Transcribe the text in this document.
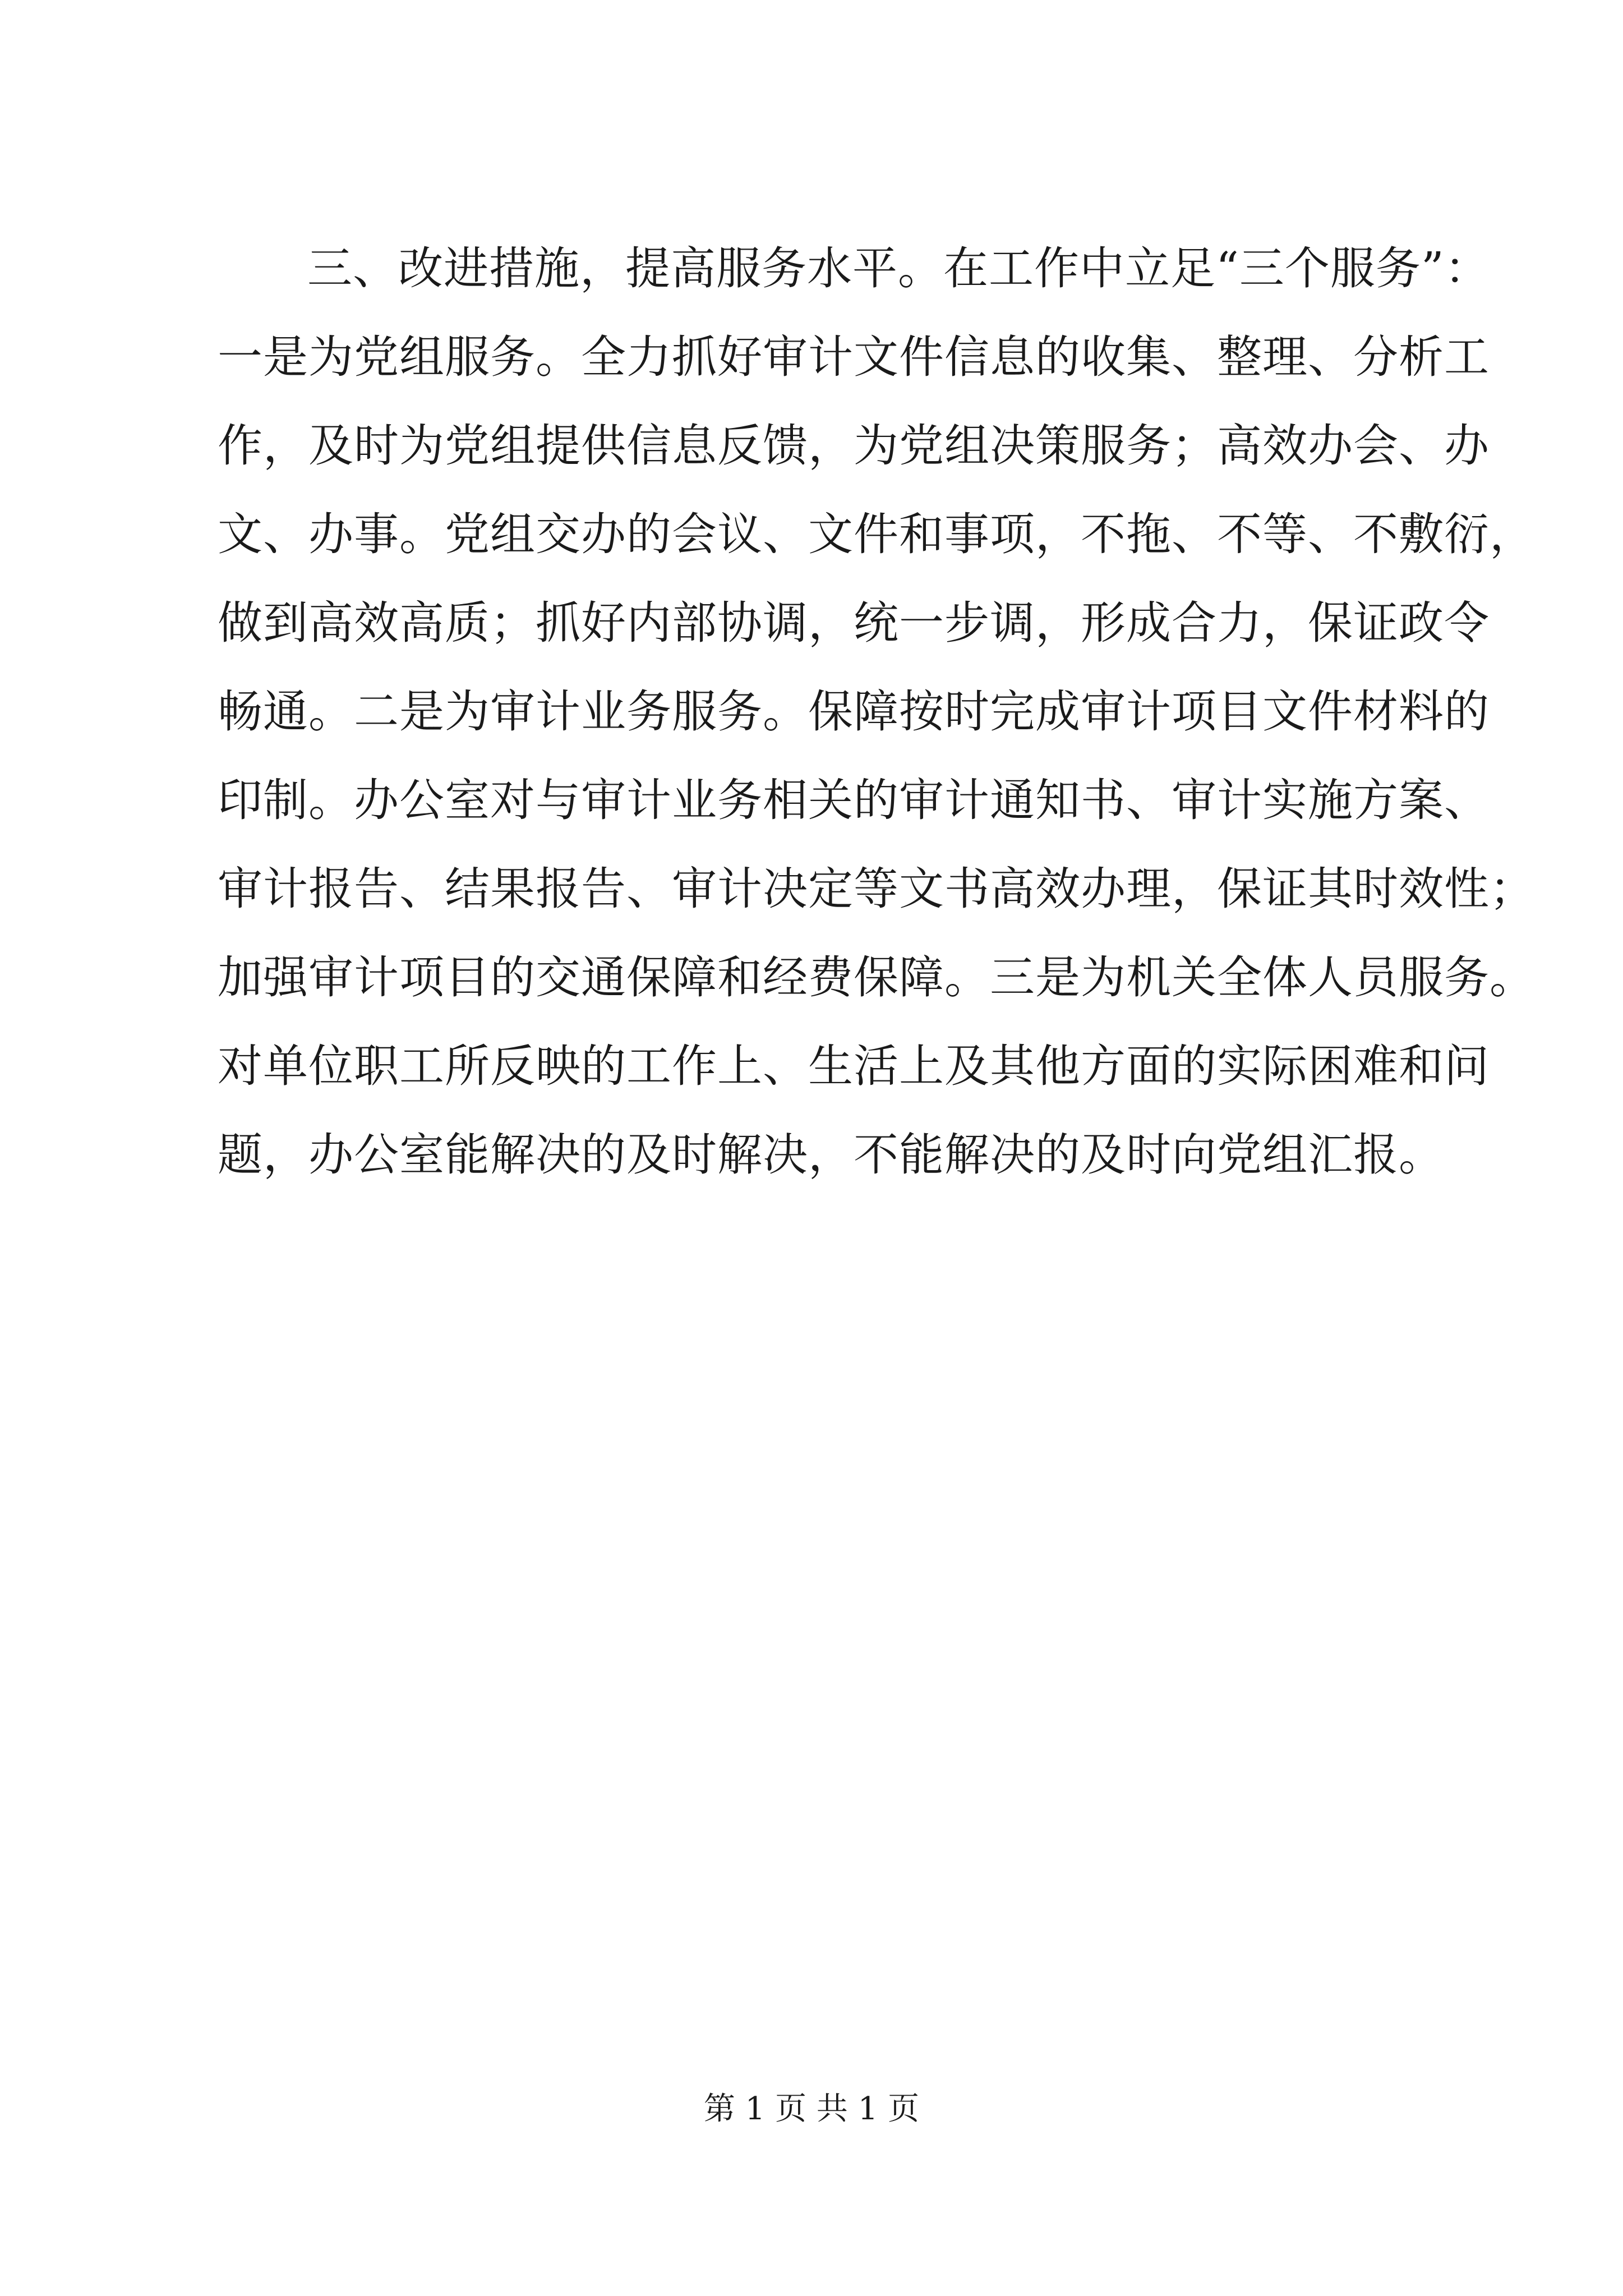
三、改进措施，提高服务水平。在工作中立足“三个服务”：
一是为党组服务。全力抓好审计文件信息的收集、整理、分析工
作，及时为党组提供信息反馈，为党组决策服务；高效办会、办
文、办事。党组交办的会议、文件和事项，不拖、不等、不敷衍，
做到高效高质；抓好内部协调，统一步调，形成合力，保证政令
畅通。二是为审计业务服务。保障按时完成审计项目文件材料的
印制。办公室对与审计业务相关的审计通知书、审计实施方案、
审计报告、结果报告、审计决定等文书高效办理，保证其时效性；
加强审计项目的交通保障和经费保障。三是为机关全体人员服务。
对单位职工所反映的工作上、生活上及其他方面的实际困难和问
题，办公室能解决的及时解决，不能解决的及时向党组汇报。
第 1 页 共 1 页
